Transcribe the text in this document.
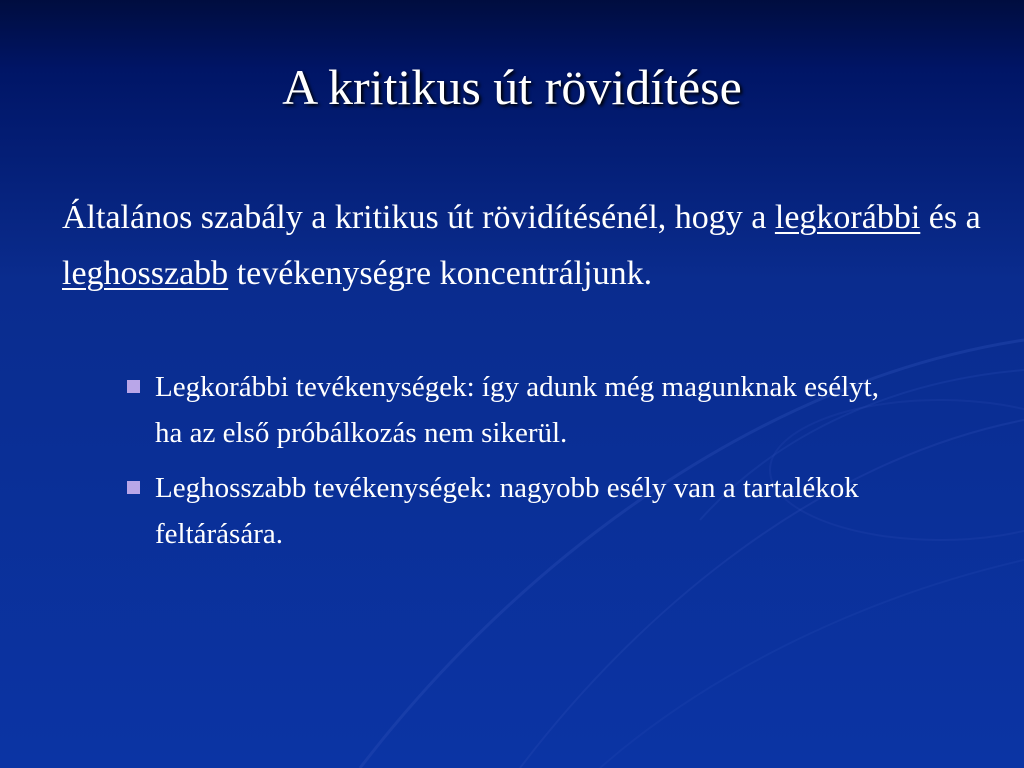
A kritikus út rövidítése

Általános szabály a kritikus út rövidítésénél, hogy a legkorábbi és a leghosszabb tevékenységre koncentráljunk.

Legkorábbi tevékenységek: így adunk még magunknak esélyt, ha az első próbálkozás nem sikerül.
Leghosszabb tevékenységek: nagyobb esély van a tartalékok feltárására.
